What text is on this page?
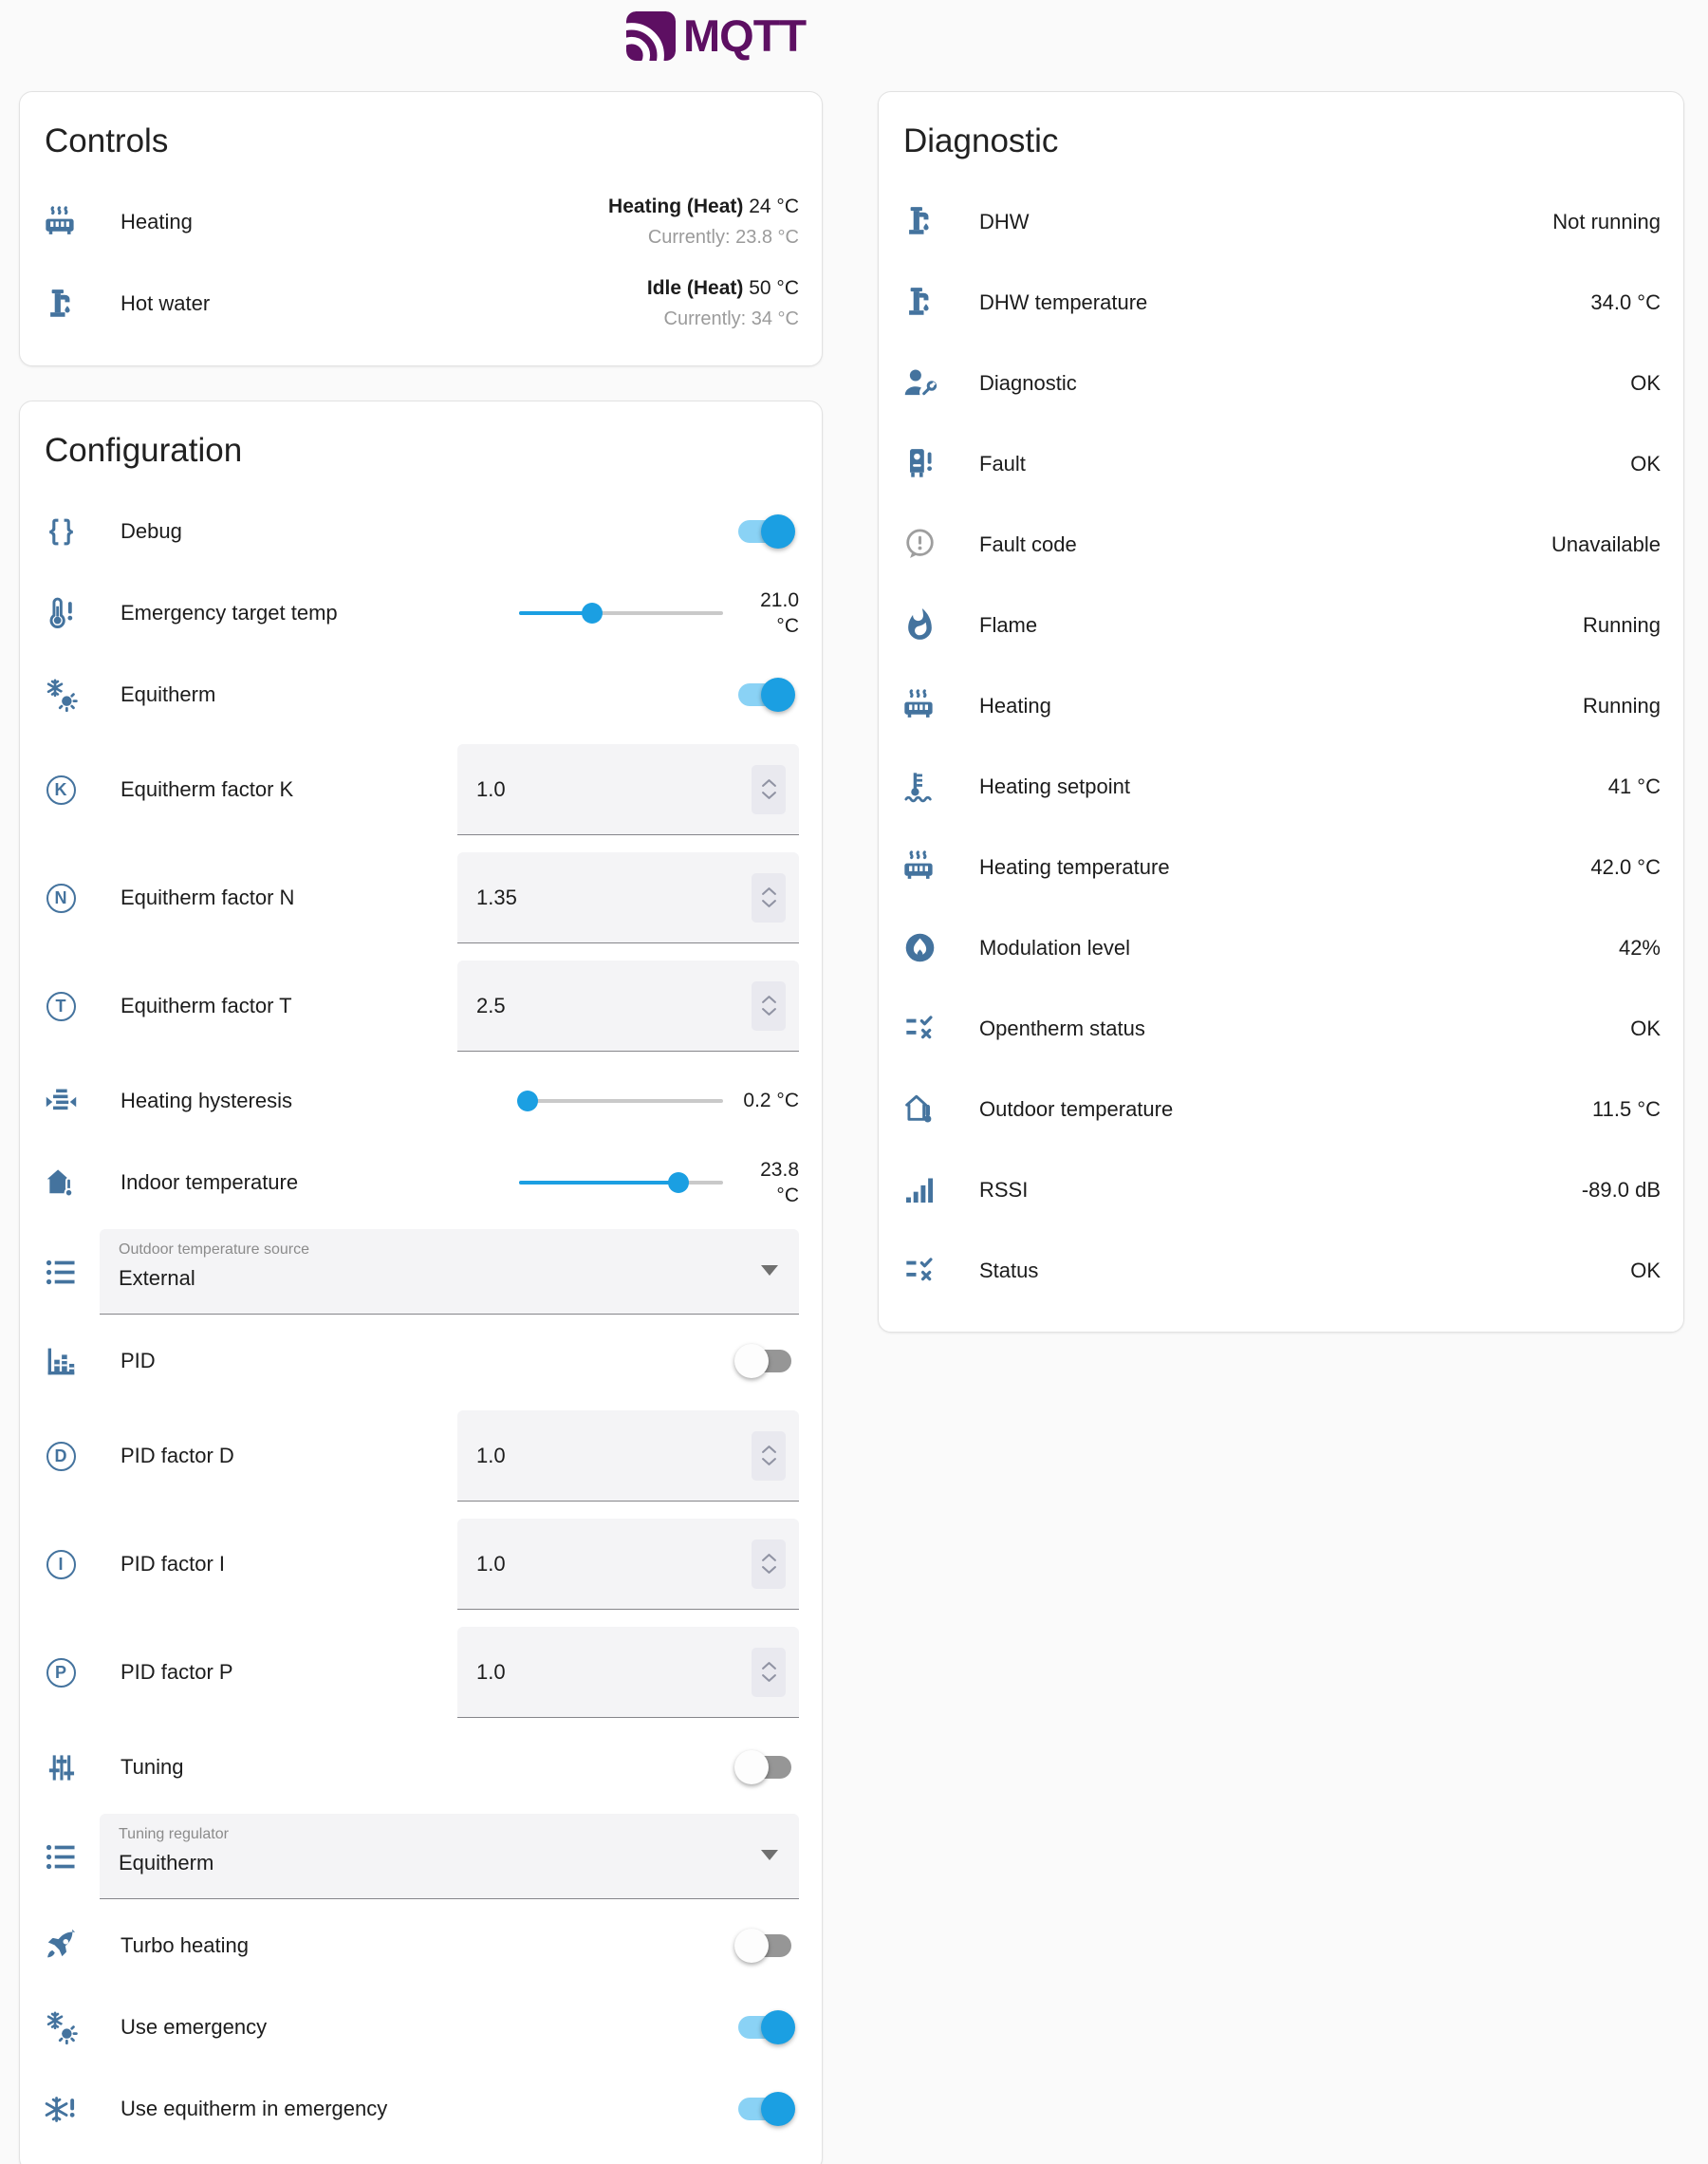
MQTT
Controls
Heating
Heating (Heat) 24 °C
Currently: 23.8 °C
Hot water
Idle (Heat) 50 °C
Currently: 34 °C
Configuration
Debug
Emergency target temp
21.0 °C
Equitherm
K	Equitherm factor K	1.0
N	Equitherm factor N	1.35
T	Equitherm factor T	2.5
Heating hysteresis	0.2 °C
Indoor temperature
23.8 °C
Outdoor temperature source
External
PID
D	PID factor D	1.0
I	PID factor I	1.0
P	PID factor P	1.0
Tuning
Tuning regulator
Equitherm
Turbo heating
Use emergency
Use equitherm in emergency
Diagnostic
DHW	Not running
DHW temperature	34.0 °C
Diagnostic	OK
Fault	OK
Fault code	Unavailable
Flame	Running
Heating	Running
Heating setpoint	41 °C
Heating temperature	42.0 °C
Modulation level	42%
Opentherm status	OK
Outdoor temperature	11.5 °C
RSSI	-89.0 dB
Status	OK
